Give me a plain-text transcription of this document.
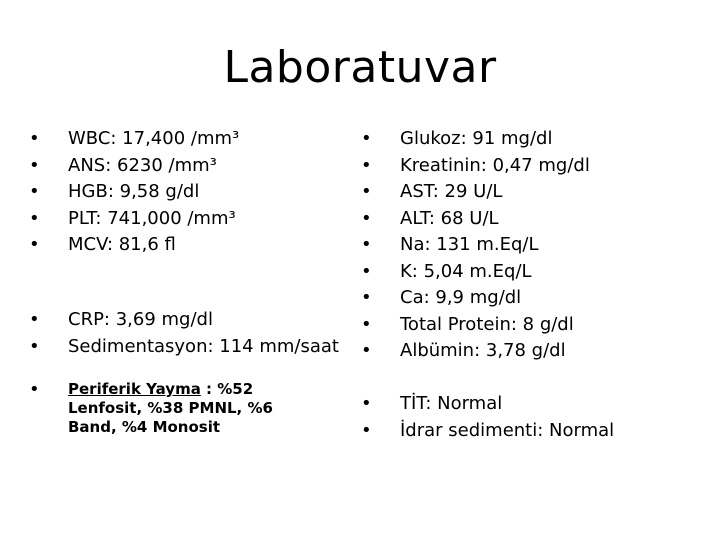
Laboratuvar
• WBC: 17,400 /mm³
• ANS: 6230 /mm³
• HGB: 9,58 g/dl
• PLT: 741,000 /mm³
• MCV: 81,6 fl
• CRP: 3,69 mg/dl
• Sedimentasyon: 114 mm/saat
• Periferik Yayma : %52
Lenfosit, %38 PMNL, %6
Band, %4 Monosit
• Glukoz: 91 mg/dl
• Kreatinin: 0,47 mg/dl
• AST: 29 U/L
• ALT: 68 U/L
• Na: 131 m.Eq/L
• K: 5,04 m.Eq/L
• Ca: 9,9 mg/dl
• Total Protein: 8 g/dl
• Albümin: 3,78 g/dl
• TİT: Normal
• İdrar sedimenti: Normal
